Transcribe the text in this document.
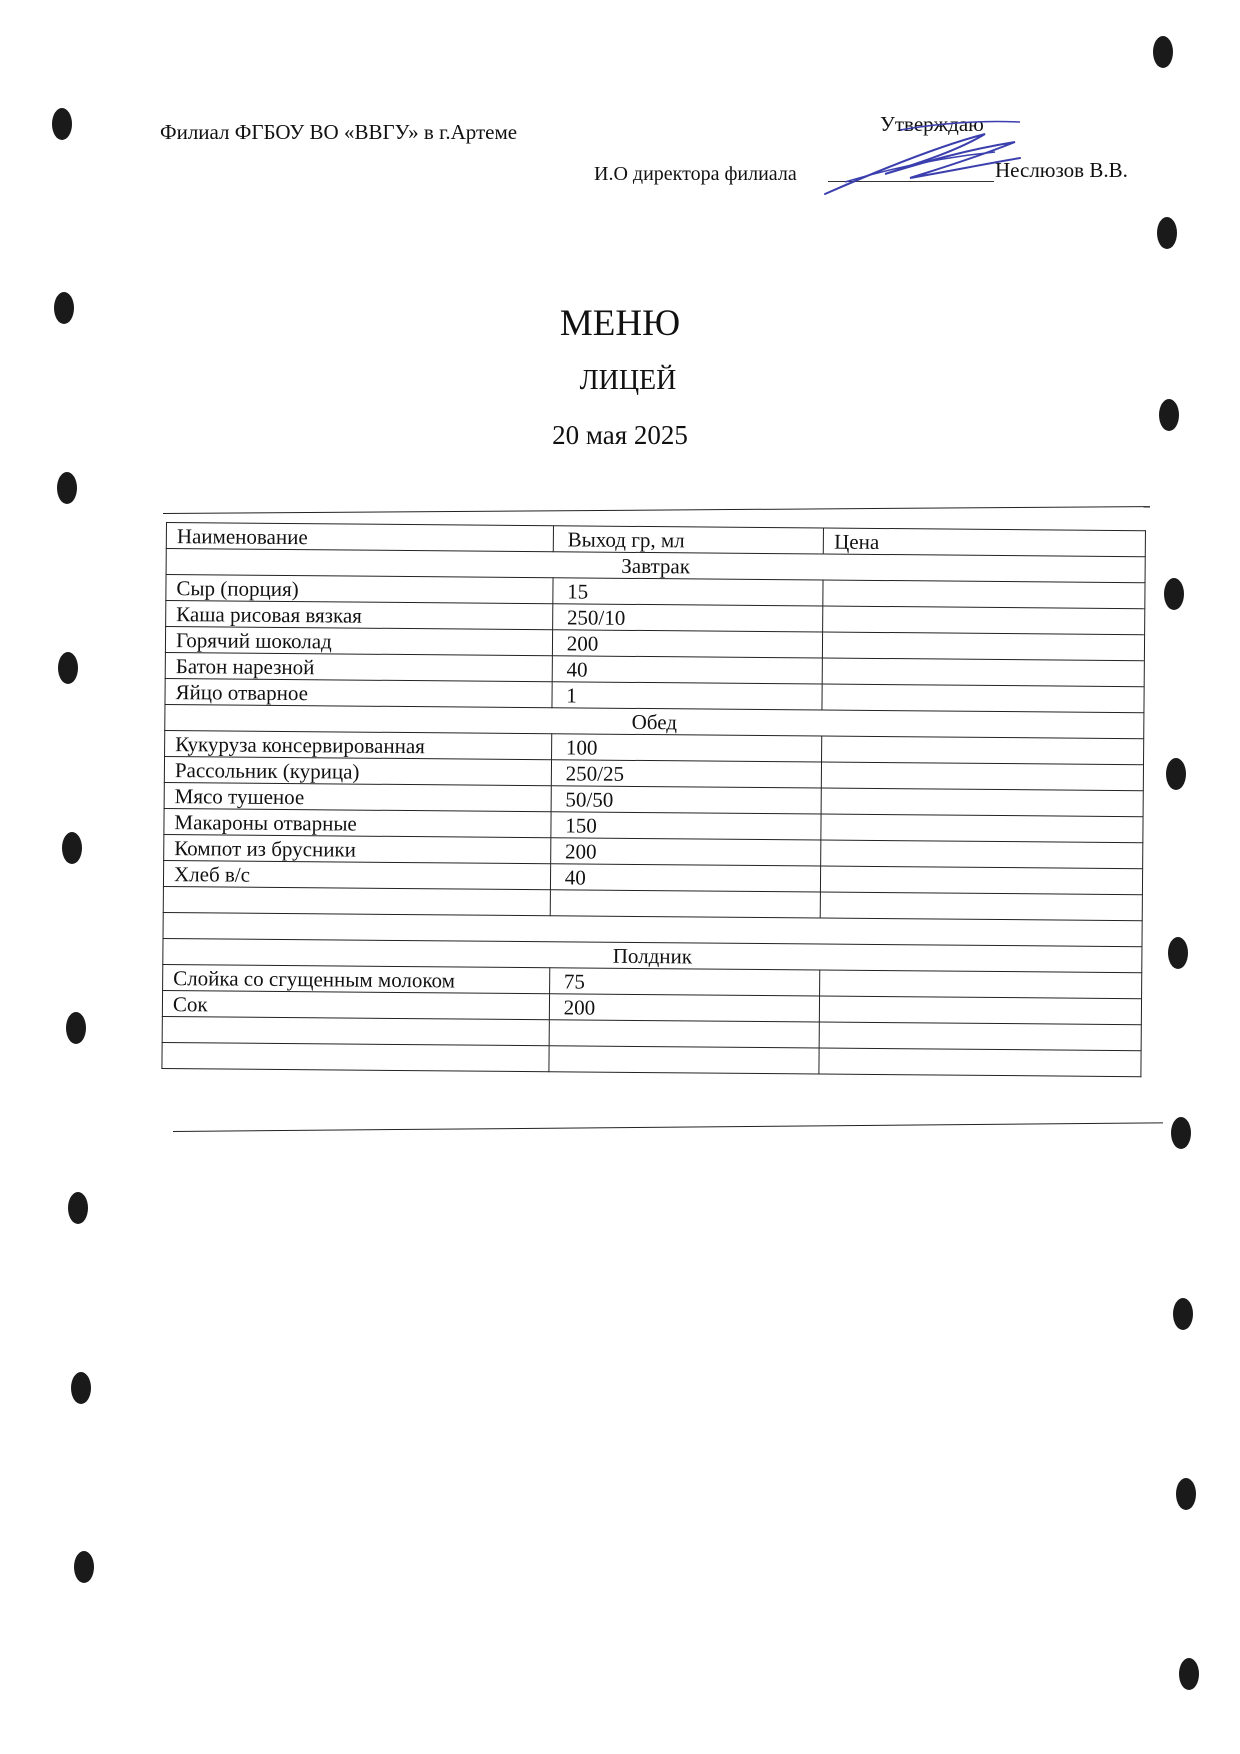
Филиал ФГБОУ ВО «ВВГУ» в г.Артеме	Утверждаю
И.О директора филиала	Неслюзов В.В.
МЕНЮ
ЛИЦЕЙ
20 мая 2025
Наименование	Выход гр, мл	Цена
Завтрак		
Сыр (порция)	15	
Каша рисовая вязкая	250/10	
Горячий шоколад	200	
Батон нарезной	40	
Яйцо отварное	1	
Обед		
Кукуруза консервированная	100	
Рассольник (курица)	250/25	
Мясо тушеное	50/50	
Макароны отварные	150	
Компот из брусники	200	
Хлеб в/с	40	

Полдник		
Слойка со сгущенным молоком	75	
Сок	200	
